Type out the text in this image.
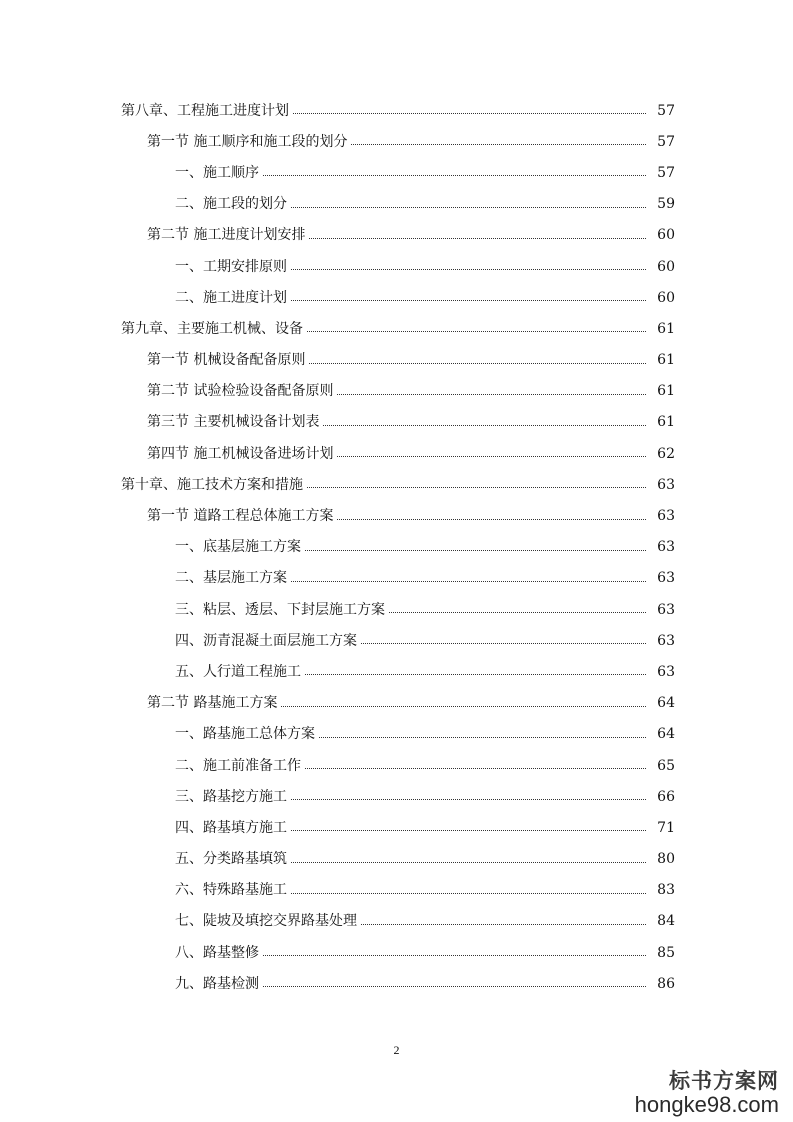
第八章、工程施工进度计划	57
第一节 施工顺序和施工段的划分	57
一、施工顺序	57
二、施工段的划分	59
第二节 施工进度计划安排	60
一、工期安排原则	60
二、施工进度计划	60
第九章、主要施工机械、设备	61
第一节 机械设备配备原则	61
第二节 试验检验设备配备原则	61
第三节 主要机械设备计划表	61
第四节 施工机械设备进场计划	62
第十章、施工技术方案和措施	63
第一节 道路工程总体施工方案	63
一、底基层施工方案	63
二、基层施工方案	63
三、粘层、透层、下封层施工方案	63
四、沥青混凝土面层施工方案	63
五、人行道工程施工	63
第二节 路基施工方案	64
一、路基施工总体方案	64
二、施工前准备工作	65
三、路基挖方施工	66
四、路基填方施工	71
五、分类路基填筑	80
六、特殊路基施工	83
七、陡坡及填挖交界路基处理	84
八、路基整修	85
九、路基检测	86
2
标书方案网
hongke98.com
